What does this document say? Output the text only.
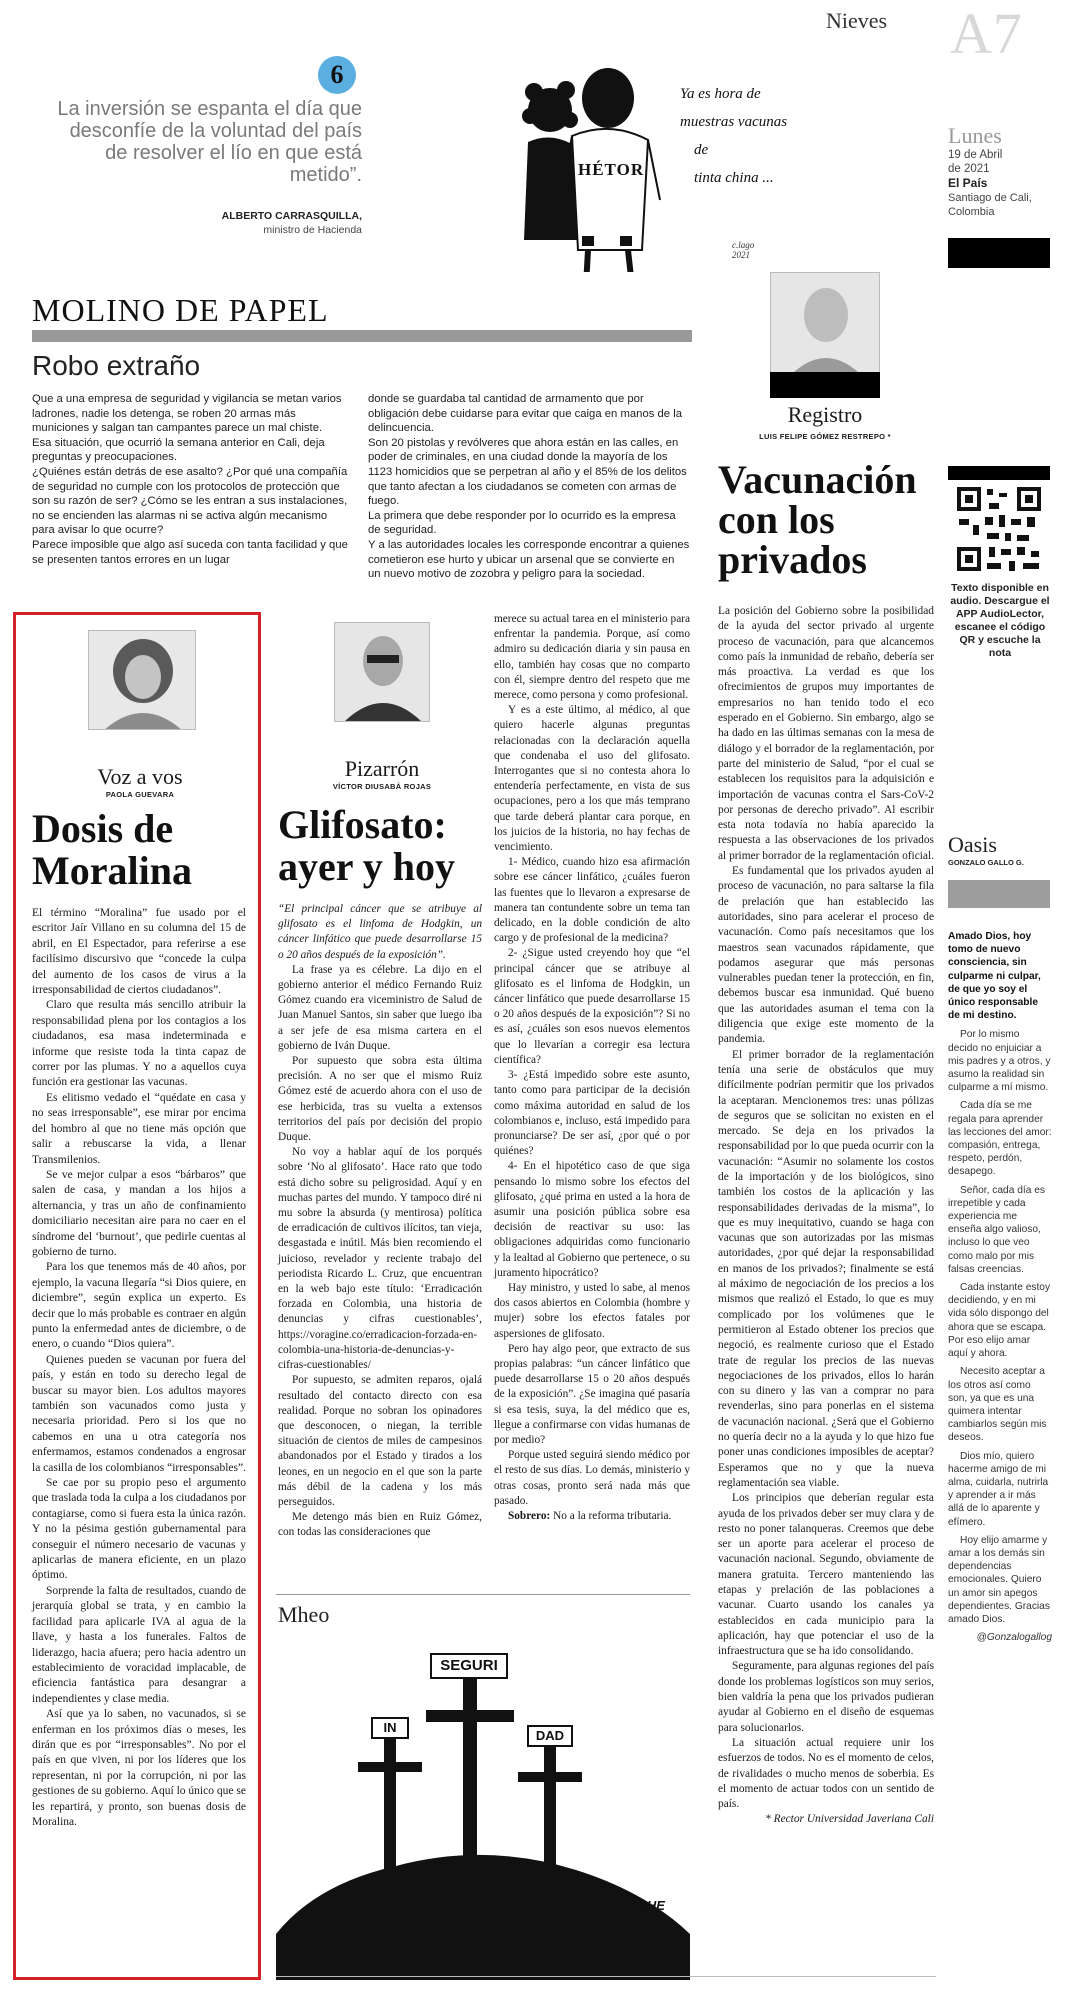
Nieves A7
Lunes
19 de Abril
de 2021
El País
Santiago de Cali,
Colombia
6
La inversión se espanta el día que desconfíe de la voluntad del país de resolver el lío en que está metido”.
ALBERTO CARRASQUILLA,
ministro de Hacienda
HÉTOR
Ya es hora de
muestras vacunas
de
tinta china ...
c.lago
2021
MOLINO DE PAPEL
Robo extraño
Que a una empresa de seguridad y vigilancia se metan varios ladrones, nadie los detenga, se roben 20 armas más municiones y salgan tan campantes parece un mal chiste.
Esa situación, que ocurrió la semana anterior en Cali, deja preguntas y preocupaciones.
¿Quiénes están detrás de ese asalto? ¿Por qué una compañía de seguridad no cumple con los protocolos de protección que son su razón de ser? ¿Cómo se les entran a sus instalaciones, no se encienden las alarmas ni se activa algún mecanismo para avisar lo que ocurre?
Parece imposible que algo así suceda con tanta facilidad y que se presenten tantos errores en un lugar
donde se guardaba tal cantidad de armamento que por obligación debe cuidarse para evitar que caiga en manos de la delincuencia.
Son 20 pistolas y revólveres que ahora están en las calles, en poder de criminales, en una ciudad donde la mayoría de los 1123 homicidios que se perpetran al año y el 85% de los delitos que tanto afectan a los ciudadanos se cometen con armas de fuego.
La primera que debe responder por lo ocurrido es la empresa de seguridad.
Y a las autoridades locales les corresponde encontrar a quienes cometieron ese hurto y ubicar un arsenal que se convierte en un nuevo motivo de zozobra y peligro para la sociedad.
Registro
LUIS FELIPE GÓMEZ RESTREPO *
Vacunación
con los
privados

La posición del Gobierno sobre la posibilidad de la ayuda del sector privado al urgente proceso de vacunación, para que alcancemos como país la inmunidad de rebaño, debería ser más proactiva. La verdad es que los ofrecimientos de grupos muy importantes de empresarios no han tenido todo el eco esperado en el Gobierno. Sin embargo, algo se ha dado en las últimas semanas con la mesa de diálogo y el borrador de la reglamentación, por parte del ministerio de Salud, “por el cual se establecen los requisitos para la adquisición e importación de vacunas contra el Sars-CoV-2 por personas de derecho privado”. Al escribir esta nota todavía no había aparecido la respuesta a las observaciones de los privados al primer borrador de la reglamentación oficial.

Es fundamental que los privados ayuden al proceso de vacunación, no para saltarse la fila de prelación que han establecido las autoridades, sino para acelerar el proceso de vacunación. Como país necesitamos que los maestros sean vacunados rápidamente, que podamos asegurar que más personas vulnerables puedan tener la protección, en fin, debemos buscar esa inmunidad. Qué bueno que las autoridades asuman el tema con la diligencia que exige este momento de la pandemia.

El primer borrador de la reglamentación tenía una serie de obstáculos que muy difícilmente podrían permitir que los privados la aceptaran. Mencionemos tres: unas pólizas de seguros que se solicitan no existen en el mercado. Se deja en los privados la responsabilidad por lo que pueda ocurrir con la vacunación: “Asumir no solamente los costos de la importación y de los biológicos, sino también los costos de la aplicación y las responsabilidades derivadas de la misma”, lo que es muy inequitativo, cuando se haga con vacunas que son autorizadas por las mismas autoridades, ¿por qué dejar la responsabilidad en manos de los privados?; finalmente se está al máximo de negociación de los precios a los mismos que realizó el Estado, lo que es muy complicado por los volúmenes que le permitieron al Estado obtener los precios que negoció, es realmente curioso que el Estado trate de regular los precios de las nuevas negociaciones de los privados, ellos lo harán con su dinero y las van a comprar no para revenderlas, sino para ponerlas en el sistema de vacunación nacional. ¿Será que el Gobierno no quería decir no a la ayuda y lo que hizo fue poner unas condiciones imposibles de aceptar? Esperamos que no y que la nueva reglamentación sea viable.

Los principios que deberían regular esta ayuda de los privados deber ser muy clara y de resto no poner talanqueras. Creemos que debe ser un aporte para acelerar el proceso de vacunación nacional. Segundo, obviamente de manera gratuita. Tercero manteniendo las etapas y prelación de las poblaciones a vacunar. Cuarto usando los canales ya establecidos en cada municipio para la aplicación, hay que potenciar el uso de la infraestructura que se ha ido consolidando.

Seguramente, para algunas regiones del país donde los problemas logísticos son muy serios, bien valdría la pena que los privados pudieran ayudar al Gobierno en el diseño de esquemas para solucionarlos.

La situación actual requiere unir los esfuerzos de todos. No es el momento de celos, de rivalidades o mucho menos de soberbia. Es el momento de actuar todos con un sentido de país.

* Rector Universidad Javeriana Cali
Texto disponible en audio. Descargue el APP AudioLector, escanee el código QR y escuche la nota
Oasis
GONZALO GALLO G.
Amado Dios, hoy tomo de nuevo consciencia, sin culparme ni culpar, de que yo soy el único responsable de mi destino.
Por lo mismo decido no enjuiciar a mis padres y a otros, y asumo la realidad sin culparme a mí mismo.
Cada día se me regala para aprender las lecciones del amor: compasión, entrega, respeto, perdón, desapego.
Señor, cada día es irrepetible y cada experiencia me enseña algo valioso, incluso lo que veo como malo por mis falsas creencias.
Cada instante estoy decidiendo, y en mi vida sólo dispongo del ahora que se escapa. Por eso elijo amar aquí y ahora.
Necesito aceptar a los otros así como son, ya que es una quimera intentar cambiarlos según mis deseos.
Dios mío, quiero hacerme amigo de mi alma, cuidarla, nutrirla y aprender a ir más allá de lo aparente y efímero.
Hoy elijo amarme y amar a los demás sin dependencias emocionales. Quiero un amor sin apegos dependientes. Gracias amado Dios.
@Gonzalogallog
Voz a vos
PAOLA GUEVARA
Dosis de
Moralina

El término “Moralina” fue usado por el escritor Jaír Villano en su columna del 15 de abril, en El Espectador, para referirse a ese facilísimo discursivo que “concede la culpa del aumento de los casos de virus a la irresponsabilidad de ciertos ciudadanos”.

Claro que resulta más sencillo atribuir la responsabilidad plena por los contagios a los ciudadanos, esa masa indeterminada e informe que resiste toda la tinta capaz de correr por las plumas. Y no a aquellos cuya función era gestionar las vacunas.

Es elitismo vedado el “quédate en casa y no seas irresponsable”, ese mirar por encima del hombro al que no tiene más opción que salir a rebuscarse la vida, a llenar Transmilenios.

Se ve mejor culpar a esos “bárbaros” que salen de casa, y mandan a los hijos a alternancia, y tras un año de confinamiento domiciliario necesitan aire para no caer en el síndrome del ‘burnout’, que pedirle cuentas al gobierno de turno.

Para los que tenemos más de 40 años, por ejemplo, la vacuna llegaría “si Dios quiere, en diciembre”, según explica un experto. Es decir que lo más probable es contraer en algún punto la enfermedad antes de diciembre, o de enero, o cuando “Dios quiera”.

Quienes pueden se vacunan por fuera del país, y están en todo su derecho legal de buscar su mayor bien. Los adultos mayores también son vacunados como justa y necesaria prioridad. Pero si los que no cabemos en una u otra categoría nos enfermamos, estamos condenados a engrosar la casilla de los colombianos “irresponsables”.

Se cae por su propio peso el argumento que traslada toda la culpa a los ciudadanos por contagiarse, como si fuera esta la única razón. Y no la pésima gestión gubernamental para conseguir el número necesario de vacunas y aplicarlas de manera eficiente, en un plazo óptimo.

Sorprende la falta de resultados, cuando de jerarquía global se trata, y en cambio la facilidad para aplicarle IVA al agua de la llave, y hasta a los funerales. Faltos de liderazgo, hacia afuera; pero hacia adentro un establecimiento de voracidad implacable, de eficiencia fantástica para desangrar a independientes y clase media.

Así que ya lo saben, no vacunados, si se enferman en los próximos días o meses, les dirán que es por “irresponsables”. No por el país en que viven, ni por los líderes que los representan, ni por la corrupción, ni por las gestiones de su gobierno. Aquí lo único que se les repartirá, y pronto, son buenas dosis de Moralina.

Pizarrón
VÍCTOR DIUSABÁ ROJAS
Glifosato:
ayer y hoy
“El principal cáncer que se atribuye al glifosato es el linfoma de Hodgkin, un cáncer linfático que puede desarrollarse 15 o 20 años después de la exposición”.

La frase ya es célebre. La dijo en el gobierno anterior el médico Fernando Ruiz Gómez cuando era viceministro de Salud de Juan Manuel Santos, sin saber que luego iba a ser jefe de esa misma cartera en el gobierno de Iván Duque.

Por supuesto que sobra esta última precisión. A no ser que el mismo Ruiz Gómez esté de acuerdo ahora con el uso de ese herbicida, tras su vuelta a extensos territorios del país por decisión del propio Duque.

No voy a hablar aquí de los porqués sobre ‘No al glifosato’. Hace rato que todo está dicho sobre su peligrosidad. Aquí y en muchas partes del mundo. Y tampoco diré ni mu sobre la absurda (y mentirosa) política de erradicación de cultivos ilícitos, tan vieja, desgastada e inútil. Más bien recomiendo el juicioso, revelador y reciente trabajo del periodista Ricardo L. Cruz, que encuentran en la web bajo este título: ‘Erradicación forzada en Colombia, una historia de denuncias y cifras cuestionables’, https://voragine.co/erradicacion-forzada-en-colombia-una-historia-de-denuncias-y-cifras-cuestionables/

Por supuesto, se admiten reparos, ojalá resultado del contacto directo con esa realidad. Porque no sobran los opinadores que desconocen, o niegan, la terrible situación de cientos de miles de campesinos abandonados por el Estado y tirados a los leones, en un negocio en el que son la parte más débil de la cadena y los más perseguidos.

Me detengo más bien en Ruiz Gómez, con todas las consideraciones que

merece su actual tarea en el ministerio para enfrentar la pandemia. Porque, así como admiro su dedicación diaria y sin pausa en ello, también hay cosas que no comparto con él, siempre dentro del respeto que me merece, como persona y como profesional.

Y es a este último, al médico, al que quiero hacerle algunas preguntas relacionadas con la declaración aquella que condenaba el uso del glifosato. Interrogantes que si no contesta ahora lo entendería perfectamente, en vista de sus ocupaciones, pero a los que más temprano que tarde deberá plantar cara porque, en los juicios de la historia, no hay fechas de vencimiento.

1- Médico, cuando hizo esa afirmación sobre ese cáncer linfático, ¿cuáles fueron las fuentes que lo llevaron a expresarse de manera tan contundente sobre un tema tan delicado, en la doble condición de alto cargo y de profesional de la medicina?

2- ¿Sigue usted creyendo hoy que “el principal cáncer que se atribuye al glifosato es el linfoma de Hodgkin, un cáncer linfático que puede desarrollarse 15 o 20 años después de la exposición”? Si no es así, ¿cuáles son esos nuevos elementos que lo llevarían a corregir esa lectura científica?

3- ¿Está impedido sobre este asunto, tanto como para participar de la decisión como máxima autoridad en salud de los colombianos e, incluso, está impedido para pronunciarse? De ser así, ¿por qué o por quiénes?

4- En el hipotético caso de que siga pensando lo mismo sobre los efectos del glifosato, ¿qué prima en usted a la hora de asumir una posición pública sobre esa decisión de reactivar su uso: las obligaciones adquiridas como funcionario y la lealtad al Gobierno que pertenece, o su juramento hipocrático?

Hay ministro, y usted lo sabe, al menos dos casos abiertos en Colombia (hombre y mujer) sobre los efectos fatales por aspersiones de glifosato.

Pero hay algo peor, que extracto de sus propias palabras: “un cáncer linfático que puede desarrollarse 15 o 20 años después de la exposición”. ¿Se imagina qué pasaría si esa tesis, suya, la del médico que es, llegue a confirmarse con vidas humanas de por medio?

Porque usted seguirá siendo médico por el resto de sus días. Lo demás, ministerio y otras cosas, pronto será nada más que pasado.

Sobrero: No a la reforma tributaria.

Mheo
SEGURI
IN
DAD
MHE
